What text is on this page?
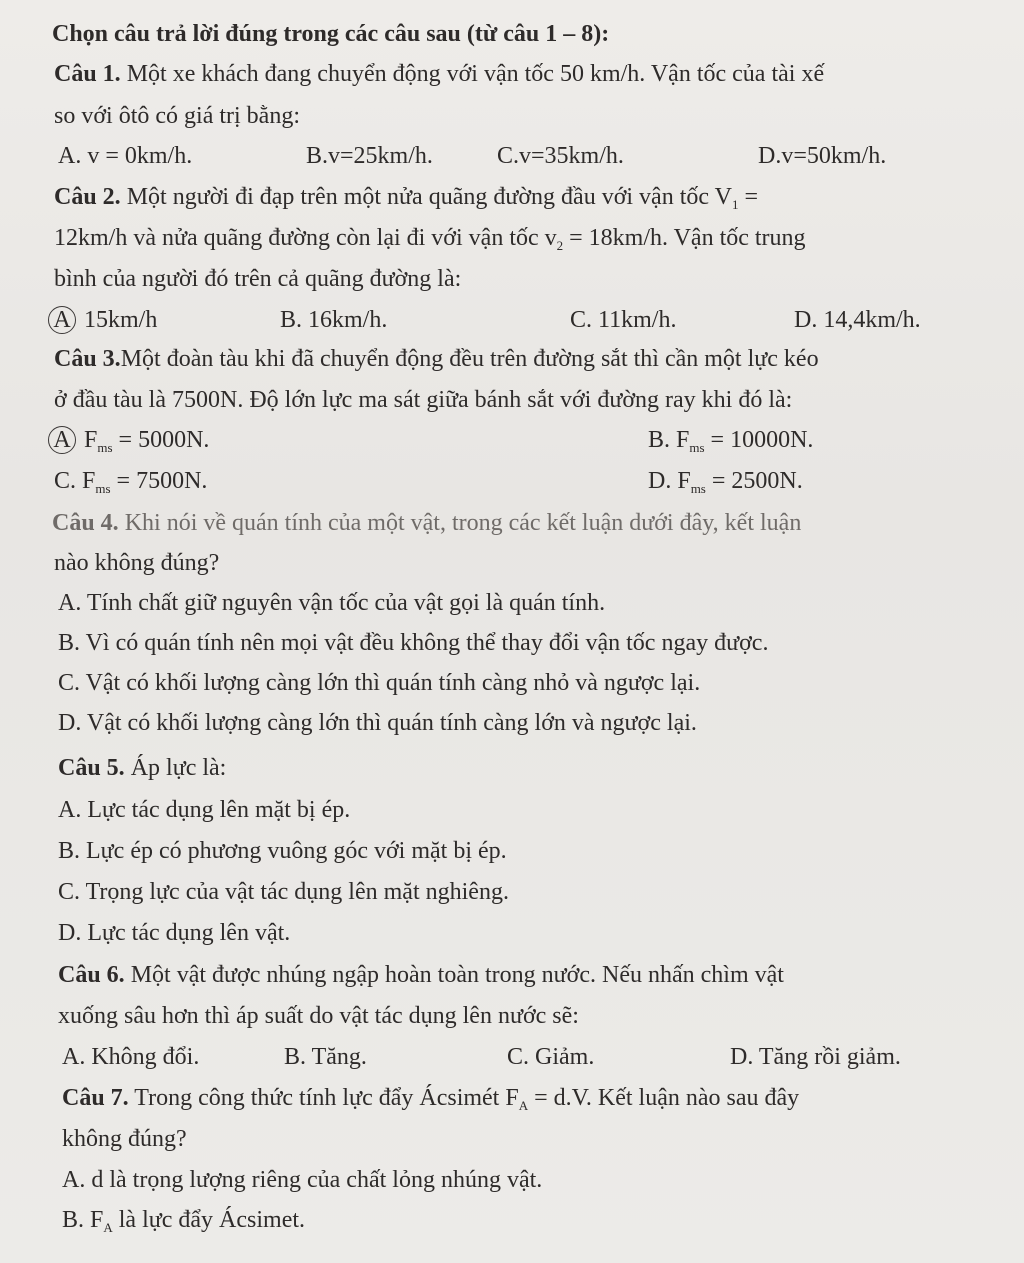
Chọn câu trả lời đúng trong các câu sau (từ câu 1 – 8):
Câu 1. Một xe khách đang chuyển động với vận tốc 50 km/h. Vận tốc của tài xế
so với ôtô có giá trị bằng:
A. v = 0km/h.	B.v=25km/h.	C.v=35km/h.	D.v=50km/h.
Câu 2. Một người đi đạp trên một nửa quãng đường đầu với vận tốc $V_1$ =
12km/h và nửa quãng đường còn lại đi với vận tốc $v_2 = 18km/h$. Vận tốc trung
bình của người đó trên cả quãng đường là:
A 15km/h	B. 16km/h.	C. 11km/h.	D. 14,4km/h.
Câu 3.Một đoàn tàu khi đã chuyển động đều trên đường sắt thì cần một lực kéo
ở đầu tàu là 7500N. Độ lớn lực ma sát giữa bánh sắt với đường ray khi đó là:
A $F_{ms} = 5000N$.	B. $F_{ms} = 10000N$.
C. $F_{ms} = 7500N$.	D. $F_{ms} = 2500N$.
Câu 4. Khi nói về quán tính của một vật, trong các kết luận dưới đây, kết luận
nào không đúng?
A. Tính chất giữ nguyên vận tốc của vật gọi là quán tính.
B. Vì có quán tính nên mọi vật đều không thể thay đổi vận tốc ngay được.
C. Vật có khối lượng càng lớn thì quán tính càng nhỏ và ngược lại.
D. Vật có khối lượng càng lớn thì quán tính càng lớn và ngược lại.
Câu 5. Áp lực là:
A. Lực tác dụng lên mặt bị ép.
B. Lực ép có phương vuông góc với mặt bị ép.
C. Trọng lực của vật tác dụng lên mặt nghiêng.
D. Lực tác dụng lên vật.
Câu 6. Một vật được nhúng ngập hoàn toàn trong nước. Nếu nhấn chìm vật
xuống sâu hơn thì áp suất do vật tác dụng lên nước sẽ:
A. Không đổi.	B. Tăng.	C. Giảm.	D. Tăng rồi giảm.
Câu 7. Trong công thức tính lực đẩy Ácsimét $F_A = d.V$. Kết luận nào sau đây
không đúng?
A. d là trọng lượng riêng của chất lỏng nhúng vật.
B. $F_A$ là lực đẩy Ácsimet.
